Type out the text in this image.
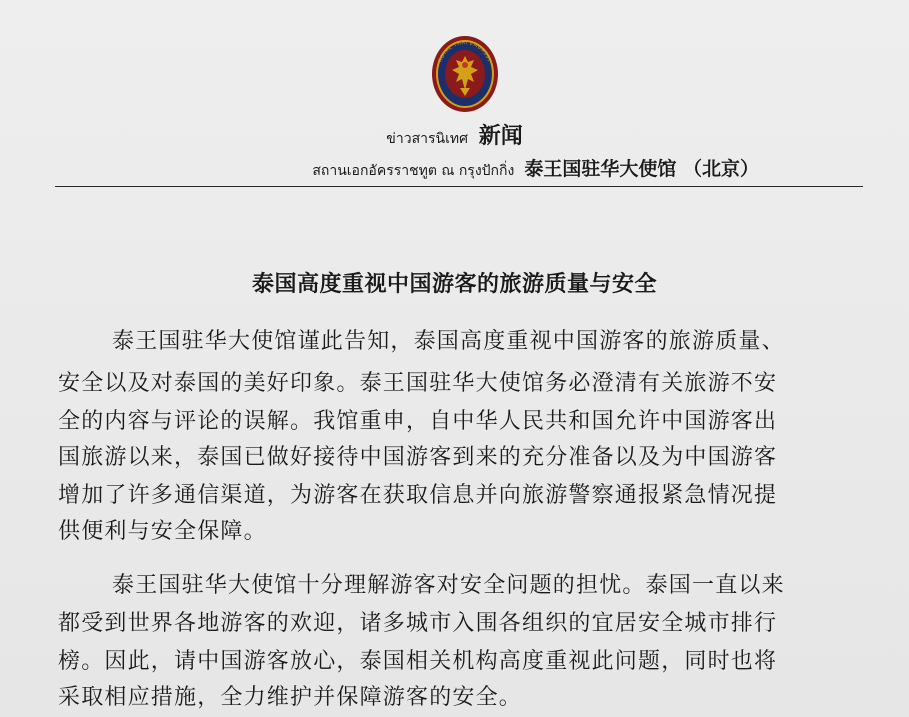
ROYAL THAI EMBASSY
ข่าวสารนิเทศ 新闻
สถานเอกอัครราชทูต ณ กรุงปักกิ่ง 泰王国驻华大使馆 （北京）
泰国高度重视中国游客的旅游质量与安全
泰王国驻华大使馆谨此告知，泰国高度重视中国游客的旅游质量、
安全以及对泰国的美好印象。泰王国驻华大使馆务必澄清有关旅游不安
全的内容与评论的误解。我馆重申，自中华人民共和国允许中国游客出
国旅游以来，泰国已做好接待中国游客到来的充分准备以及为中国游客
增加了许多通信渠道，为游客在获取信息并向旅游警察通报紧急情况提
供便利与安全保障。
泰王国驻华大使馆十分理解游客对安全问题的担忧。泰国一直以来
都受到世界各地游客的欢迎，诸多城市入围各组织的宜居安全城市排行
榜。因此，请中国游客放心，泰国相关机构高度重视此问题，同时也将
采取相应措施，全力维护并保障游客的安全。
